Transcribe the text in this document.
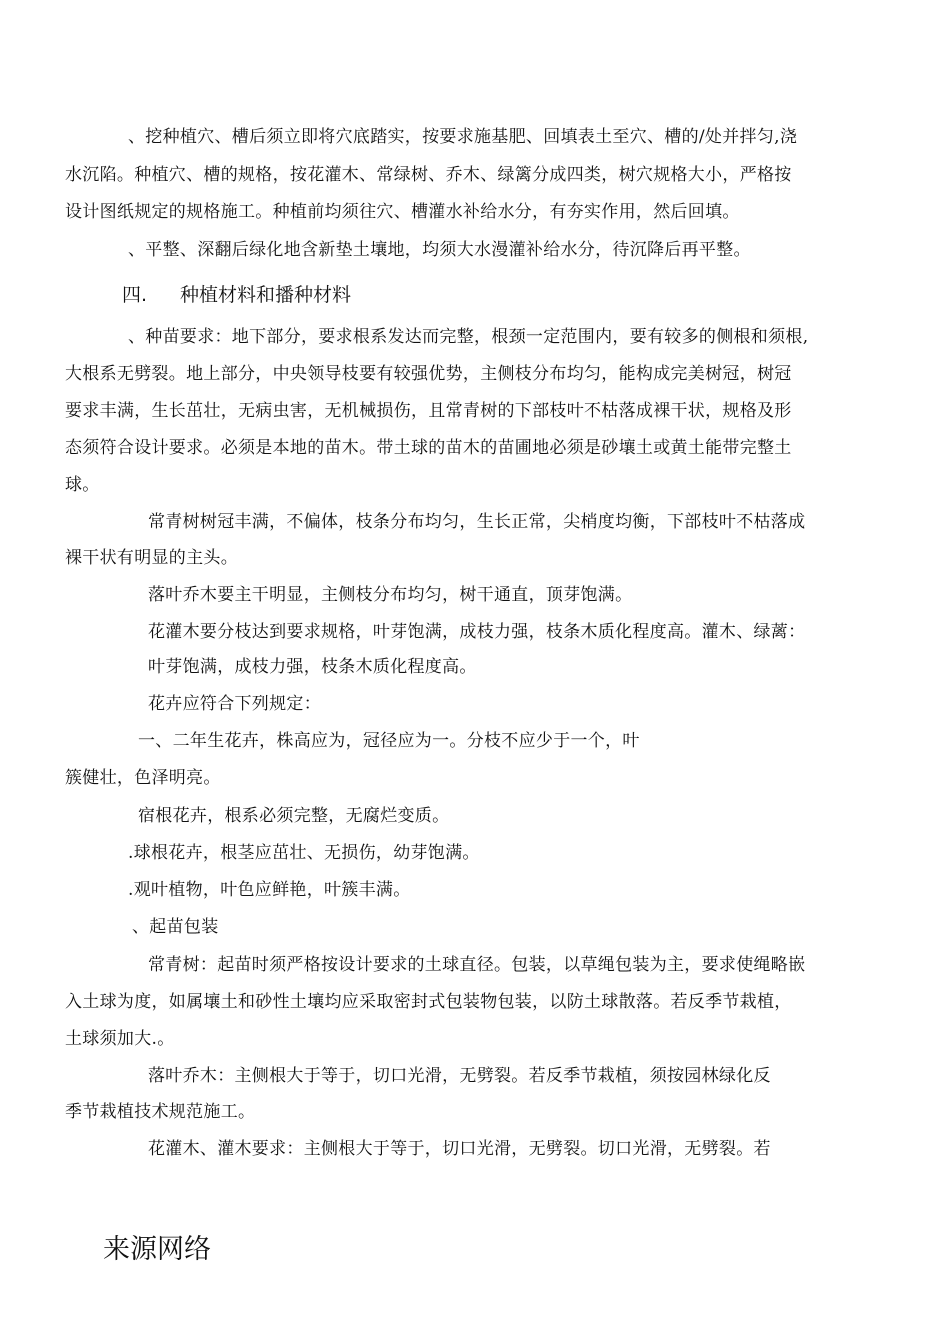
、挖种植穴、槽后须立即将穴底踏实，按要求施基肥、回填表土至穴、槽的/处并拌匀,浇
水沉陷。种植穴、槽的规格，按花灌木、常绿树、乔木、绿篱分成四类，树穴规格大小，严格按
设计图纸规定的规格施工。种植前均须往穴、槽灌水补给水分，有夯实作用，然后回填。
、平整、深翻后绿化地含新垫土壤地，均须大水漫灌补给水分，待沉降后再平整。
四. 种植材料和播种材料
、种苗要求：地下部分，要求根系发达而完整，根颈一定范围内，要有较多的侧根和须根,
大根系无劈裂。地上部分，中央领导枝要有较强优势，主侧枝分布均匀，能构成完美树冠，树冠
要求丰满，生长茁壮，无病虫害，无机械损伤，且常青树的下部枝叶不枯落成裸干状，规格及形
态须符合设计要求。必须是本地的苗木。带土球的苗木的苗圃地必须是砂壤土或黄土能带完整土
球。
常青树树冠丰满，不偏体，枝条分布均匀，生长正常，尖梢度均衡，下部枝叶不枯落成
裸干状有明显的主头。
落叶乔木要主干明显，主侧枝分布均匀，树干通直，顶芽饱满。
花灌木要分枝达到要求规格，叶芽饱满，成枝力强，枝条木质化程度高。灌木、绿蓠：
叶芽饱满，成枝力强，枝条木质化程度高。
花卉应符合下列规定：
一、二年生花卉，株高应为，冠径应为一。分枝不应少于一个，叶
簇健壮，色泽明亮。
宿根花卉，根系必须完整，无腐烂变质。
.球根花卉，根茎应茁壮、无损伤，幼芽饱满。
.观叶植物，叶色应鲜艳，叶簇丰满。
、起苗包装
常青树：起苗时须严格按设计要求的土球直径。包装，以草绳包装为主，要求使绳略嵌
入土球为度，如属壤土和砂性土壤均应采取密封式包装物包装，以防土球散落。若反季节栽植，
土球须加大.。
落叶乔木：主侧根大于等于，切口光滑，无劈裂。若反季节栽植，须按园林绿化反
季节栽植技术规范施工。
花灌木、灌木要求：主侧根大于等于，切口光滑，无劈裂。切口光滑，无劈裂。若
来源网络
